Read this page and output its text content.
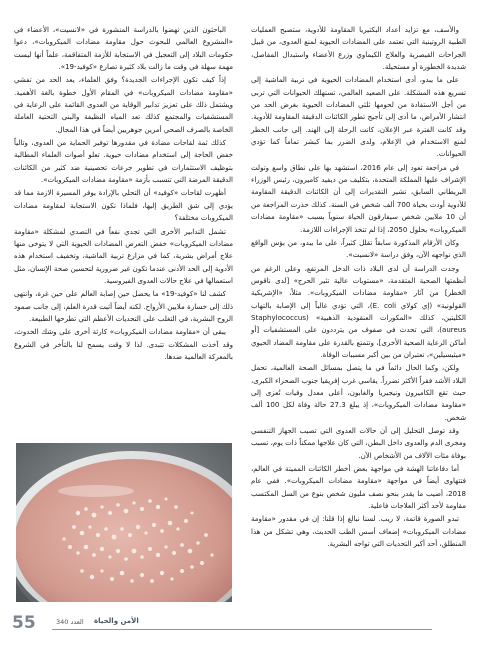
والأسف، مع تزايد أعداد البكتيريا المقاومة للأدوية، ستصبح العمليات الطبية الروتينية التي تعتمد على المضادات الحيوية لمنع العدوى، من قبيل الجراحات القيصرية والعلاج الكيماوي وزرع الأعضاء واستبدال المفاصل، شديدة الخطورة أو مستحيلة.

على ما يبدو، أدى استخدام المضادات الحيوية في تربية الماشية إلى تسريع هذه المشكلة. على الصعيد العالمي، تستهلك الحيوانات التي تربى من أجل الاستفادة من لحومها ثلثي المضادات الحيوية بغرض الحد من انتشار الأمراض، ما أدى إلى تأجيج تطور الكائنات الدقيقة المقاومة للأدوية. وقد كانت الفترة عبر الإعلان، كانت الرحلة إلى الهند. إلى جانب الخطر لمنع الاستخدام في الإعلام، ولدى الضرر بما كبشر تماماً كما تؤدي الحيوانات.

في مراجعة تعود إلى عام 2016، استشهد بها على نطاق واسع وتولت الإشراف عليها المملكة المتحدة، بتكليف من ديفيد كاميرون، رئيس الوزراء البريطاني السابق، تشير التقديرات إلى أن الكائنات الدقيقة المقاومة للأدوية أودت بحياة 700 ألف شخص في السنة. كذلك حذرت المراجعة من أن 10 ملايين شخص سيفارقون الحياة سنوياً بسبب «مقاومة مضادات الميكروبات» بحلول 2050، إذا لم تتخذ الإجراءات اللازمة.

وكان الأرقام المذكورة سابقاً تقلل كثيراً، على ما يبدو، من بؤس الواقع الذي نواجهه الآن، وفق دراسة «لانسيت».

وجدت الدراسة أن لدى البلاد ذات الدخل المرتفع، وعلى الرغم من أنظمتها الصحية المتقدمة، «مستويات عالية تثير الحرج» [لدى ناقوس الخطر] من آثار «مقاومة مضادات الميكروبات». مثلاً، «الإشريكية القولونية» (إي كولاي E. coli)، التي تؤدي غالباً إلى الإصابة بالتهاب الكليتين، كذلك «المكورات العنقودية الذهبية» (Staphylococcus aureus)، التي تحدث في صفوف من يترددون على المستشفيات [أو أماكن الرعاية الصحية الأخرى]، وتتمتع بالقدرة على مقاومة المضاد الحيوي «ميثيسيلين»، تعتبران من بين أكبر مسببات الوفاة.

ولكن، وكما الحال دائماً في ما يتصل بمسائل الصحة العالمية، تحمل البلاد الأشد فقراً الأكثر تضرراً. يقاسي غرب إفريقيا جنوب الصحراء الكبرى، حيث تقع الكاميرون ونيجيريا والغابون، أعلى معدل وفيات تُعزى إلى «مقاومة مضادات الميكروبات»، إذ يبلغ 27.3 حالة وفاة لكل 100 ألف شخص.

وقد توصل التحليل إلى أن حالات العدوى التي تصيب الجهاز التنفسي ومجرى الدم والعدوى داخل البطن، التي كان علاجها ممكناً ذات يوم، تسبب بوفاة مئات الآلاف من الأشخاص الآن.

أما دفاعاتنا الهشة في مواجهة بعض أخطر الكائنات المميتة في العالم، فتتهاوى أيضاً في مواجهة «مقاومة مضادات الميكروبات». ففي عام 2018، أصيب ما يقدر بنحو نصف مليون شخص بنوع من السل المكتسب مقاومة لأحد أكثر العلاجات فاعلية.

تبدو الصورة قاتمة، لا ريب. لسنا نبالغ إذا قلنا: إن في مقدور «مقاومة مضادات الميكروبات» إضعاف أسس الطب الحديث، وهي تشكل من هذا المنطلق، أحد أكبر التحديات التي تواجه البشرية.

الباحثون الذين نهضوا بالدراسة المنشورة في «لانسيت»، الأعضاء في «المشروع العالمي للبحوث حول مقاومة مضادات الميكروبات»، دعوا حكومات البلاد إلى التعجيل في الاستجابة للأزمة المتفاقمة، علماً أنها ليست مهمة سهلة في وقت ما زالت بلاد كثيرة تصارع «كوفيد-19».

إذاً كيف تكون الإجراءات الجديدة؟ وفق العلماء، يعد الحد من تفشي «مقاومة مضادات الميكروبات» في المقام الأول خطوة بالغة الأهمية. ويشتمل ذلك على تعزيز تدابير الوقاية من العدوى القائمة على الرعاية في المستشفيات والمجتمع كذلك تعد المياه النظيفة والبنى التحتية العاملة الخاصة بالصرف الصحي أمرين جوهريين أيضاً في هذا المجال.

كذلك ثمة لقاحات مضادة في مقدورها توفير الحماية من العدوى، وتالياً خفض الحاجة إلى استخدام مضادات حيوية. تعلو أصوات العلماء المطالبة بتوظيف الاستثمارات في تطوير جرعات تحصينية ضد كثير من الكائنات الدقيقة المرضة التي تتسبب بأزمة «مقاومة مضادات الميكروبات».

أظهرت لقاحات «كوفيد» أن التحلي بالإرادة يوفر المسيرة الازمة مما قد يؤدي إلى شق الطريق إليها، فلماذا تكون الاستجابة لمقاومة مضادات الميكروبات مختلفة؟

تشمل التدابير الأخرى التي تجدي نفعاً في التصدي لمشكلة «مقاومة مضادات الميكروبات» خفض التعرض المضادات الحيوية التي لا يتوخى منها علاج أمراض بشرية، كما في مزارع تربية الماشية، وتخفيف استخدام هذه الأدوية إلى الحد الأدنى عندما تكون غير ضرورية لتحسين صحة الإنسان، مثل استعمالها في علاج حالات العدوى الفيروسية.

كشف لنا «كوفيد-19» ما يحصل حين إصابة العالم على حين غرة، وانتهى ذلك إلى خسارة ملايين الأرواح. لكنه أيضاً أثبت قدرة العلم، إلى جانب صمود الروح البشرية، في التغلب على التحديات الأعظم التي تطرحها الطبيعة.

يبقى أن «مقاومة مضادات الميكروبات» كارثة أخرى على وشك الحدوث، وقد آخذت المشكلات تتبدى. لذا لا وقت يسمح لنا بالتأخر في الشروع بالمعركة العالمية ضدها.

55	العدد 340 الأمن والحياة
